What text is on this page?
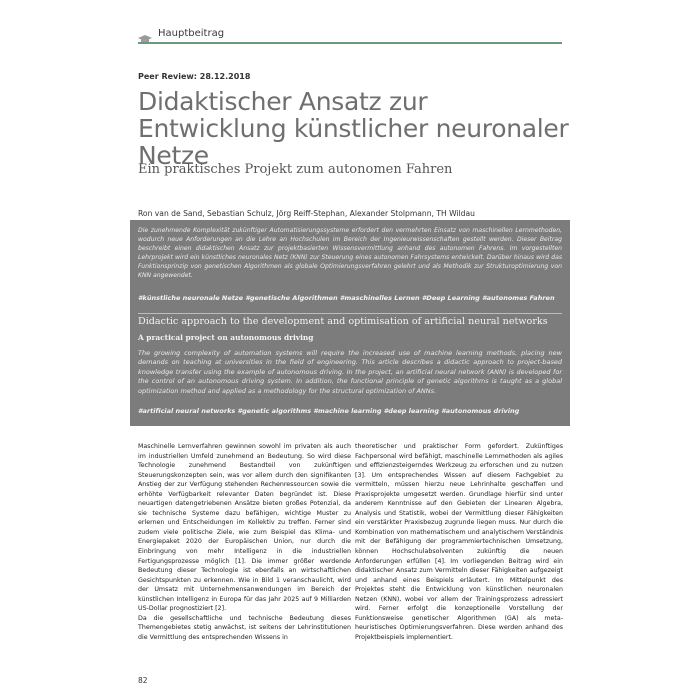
Hauptbeitrag
Peer Review: 28.12.2018
Didaktischer Ansatz zur Entwicklung künstlicher neuronaler Netze
Ein praktisches Projekt zum autonomen Fahren
Ron van de Sand, Sebastian Schulz, Jörg Reiff-Stephan, Alexander Stolpmann, TH Wildau
Die zunehmende Komplexität zukünftiger Automatisierungssysteme erfordert den vermehrten Einsatz von maschinellen Lernmethoden, wodurch neue Anforderungen an die Lehre an Hochschulen im Bereich der Ingenieurwissenschaften gestellt werden. Dieser Beitrag beschreibt einen didaktischen Ansatz zur projektbasierten Wissensvermittlung anhand des autonomen Fahrens. Im vorgestellten Lehrprojekt wird ein künstliches neuronales Netz (KNN) zur Steuerung eines autonomen Fahrsystems entwickelt. Darüber hinaus wird das Funktionsprinzip von genetischen Algorithmen als globale Optimierungsverfahren gelehrt und als Methodik zur Strukturoptimierung von KNN angewendet.
#künstliche neuronale Netze #genetische Algorithmen #maschinelles Lernen #Deep Learning #autonomes Fahren
Didactic approach to the development and optimisation of artificial neural networks
A practical project on autonomous driving
The growing complexity of automation systems will require the increased use of machine learning methods, placing new demands on teaching at universities in the field of engineering. This article describes a didactic approach to project-based knowledge transfer using the example of autonomous driving. In the project, an artificial neural network (ANN) is developed for the control of an autonomous driving system. In addition, the functional principle of genetic algorithms is taught as a global optimization method and applied as a methodology for the structural optimization of ANNs.
#artificial neural networks #genetic algorithms #machine learning #deep learning #autonomous driving

Maschinelle Lernverfahren gewinnen sowohl im privaten als auch im industriellen Umfeld zunehmend an Bedeutung. So wird diese Technologie zunehmend Bestandteil von zukünftigen Steuerungskonzepten sein, was vor allem durch den signifikanten Anstieg der zur Verfügung stehenden Rechenressourcen sowie die erhöhte Verfügbarkeit relevanter Daten begründet ist. Diese neuartigen datengetriebenen Ansätze bieten großes Potenzial, da sie technische Systeme dazu befähigen, wichtige Muster zu erlernen und Entscheidungen im Kollektiv zu treffen. Ferner sind zudem viele politische Ziele, wie zum Beispiel das Klima- und Energiepaket 2020 der Europäischen Union, nur durch die Einbringung von mehr Intelligenz in die industriellen Fertigungsprozesse möglich [1]. Die immer größer werdende Bedeutung dieser Technologie ist ebenfalls an wirtschaftlichen Gesichtspunkten zu erkennen. Wie in Bild 1 veranschaulicht, wird der Umsatz mit Unternehmensanwendungen im Bereich der künstlichen Intelligenz in Europa für das Jahr 2025 auf 9 Milliarden US-Dollar prognostiziert [2].

Da die gesellschaftliche und technische Bedeutung dieses Themengebietes stetig anwächst, ist seitens der Lehrinstitutionen die Vermittlung des entsprechenden Wissens in

theoretischer und praktischer Form gefordert. Zukünftiges Fachpersonal wird befähigt, maschinelle Lernmethoden als agiles und effizienzsteigerndes Werkzeug zu erforschen und zu nutzen [3]. Um entsprechendes Wissen auf diesem Fachgebiet zu vermitteln, müssen hierzu neue Lehrinhalte geschaffen und Praxisprojekte umgesetzt werden. Grundlage hierfür sind unter anderem Kenntnisse auf den Gebieten der Linearen Algebra, Analysis und Statistik, wobei der Vermittlung dieser Fähigkeiten ein verstärkter Praxisbezug zugrunde liegen muss. Nur durch die Kombination von mathematischem und analytischem Verständnis mit der Befähigung der programmiertechnischen Umsetzung, können Hochschulabsolventen zukünftig die neuen Anforderungen erfüllen [4]. Im vorliegenden Beitrag wird ein didaktischer Ansatz zum Vermitteln dieser Fähigkeiten aufgezeigt und anhand eines Beispiels erläutert. Im Mittelpunkt des Projektes steht die Entwicklung von künstlichen neuronalen Netzen (KNN), wobei vor allem der Trainingsprozess adressiert wird. Ferner erfolgt die konzeptionelle Vorstellung der Funktionsweise genetischer Algorithmen (GA) als meta-heuristisches Optimierungsverfahren. Diese werden anhand des Projektbeispiels implementiert.

82
